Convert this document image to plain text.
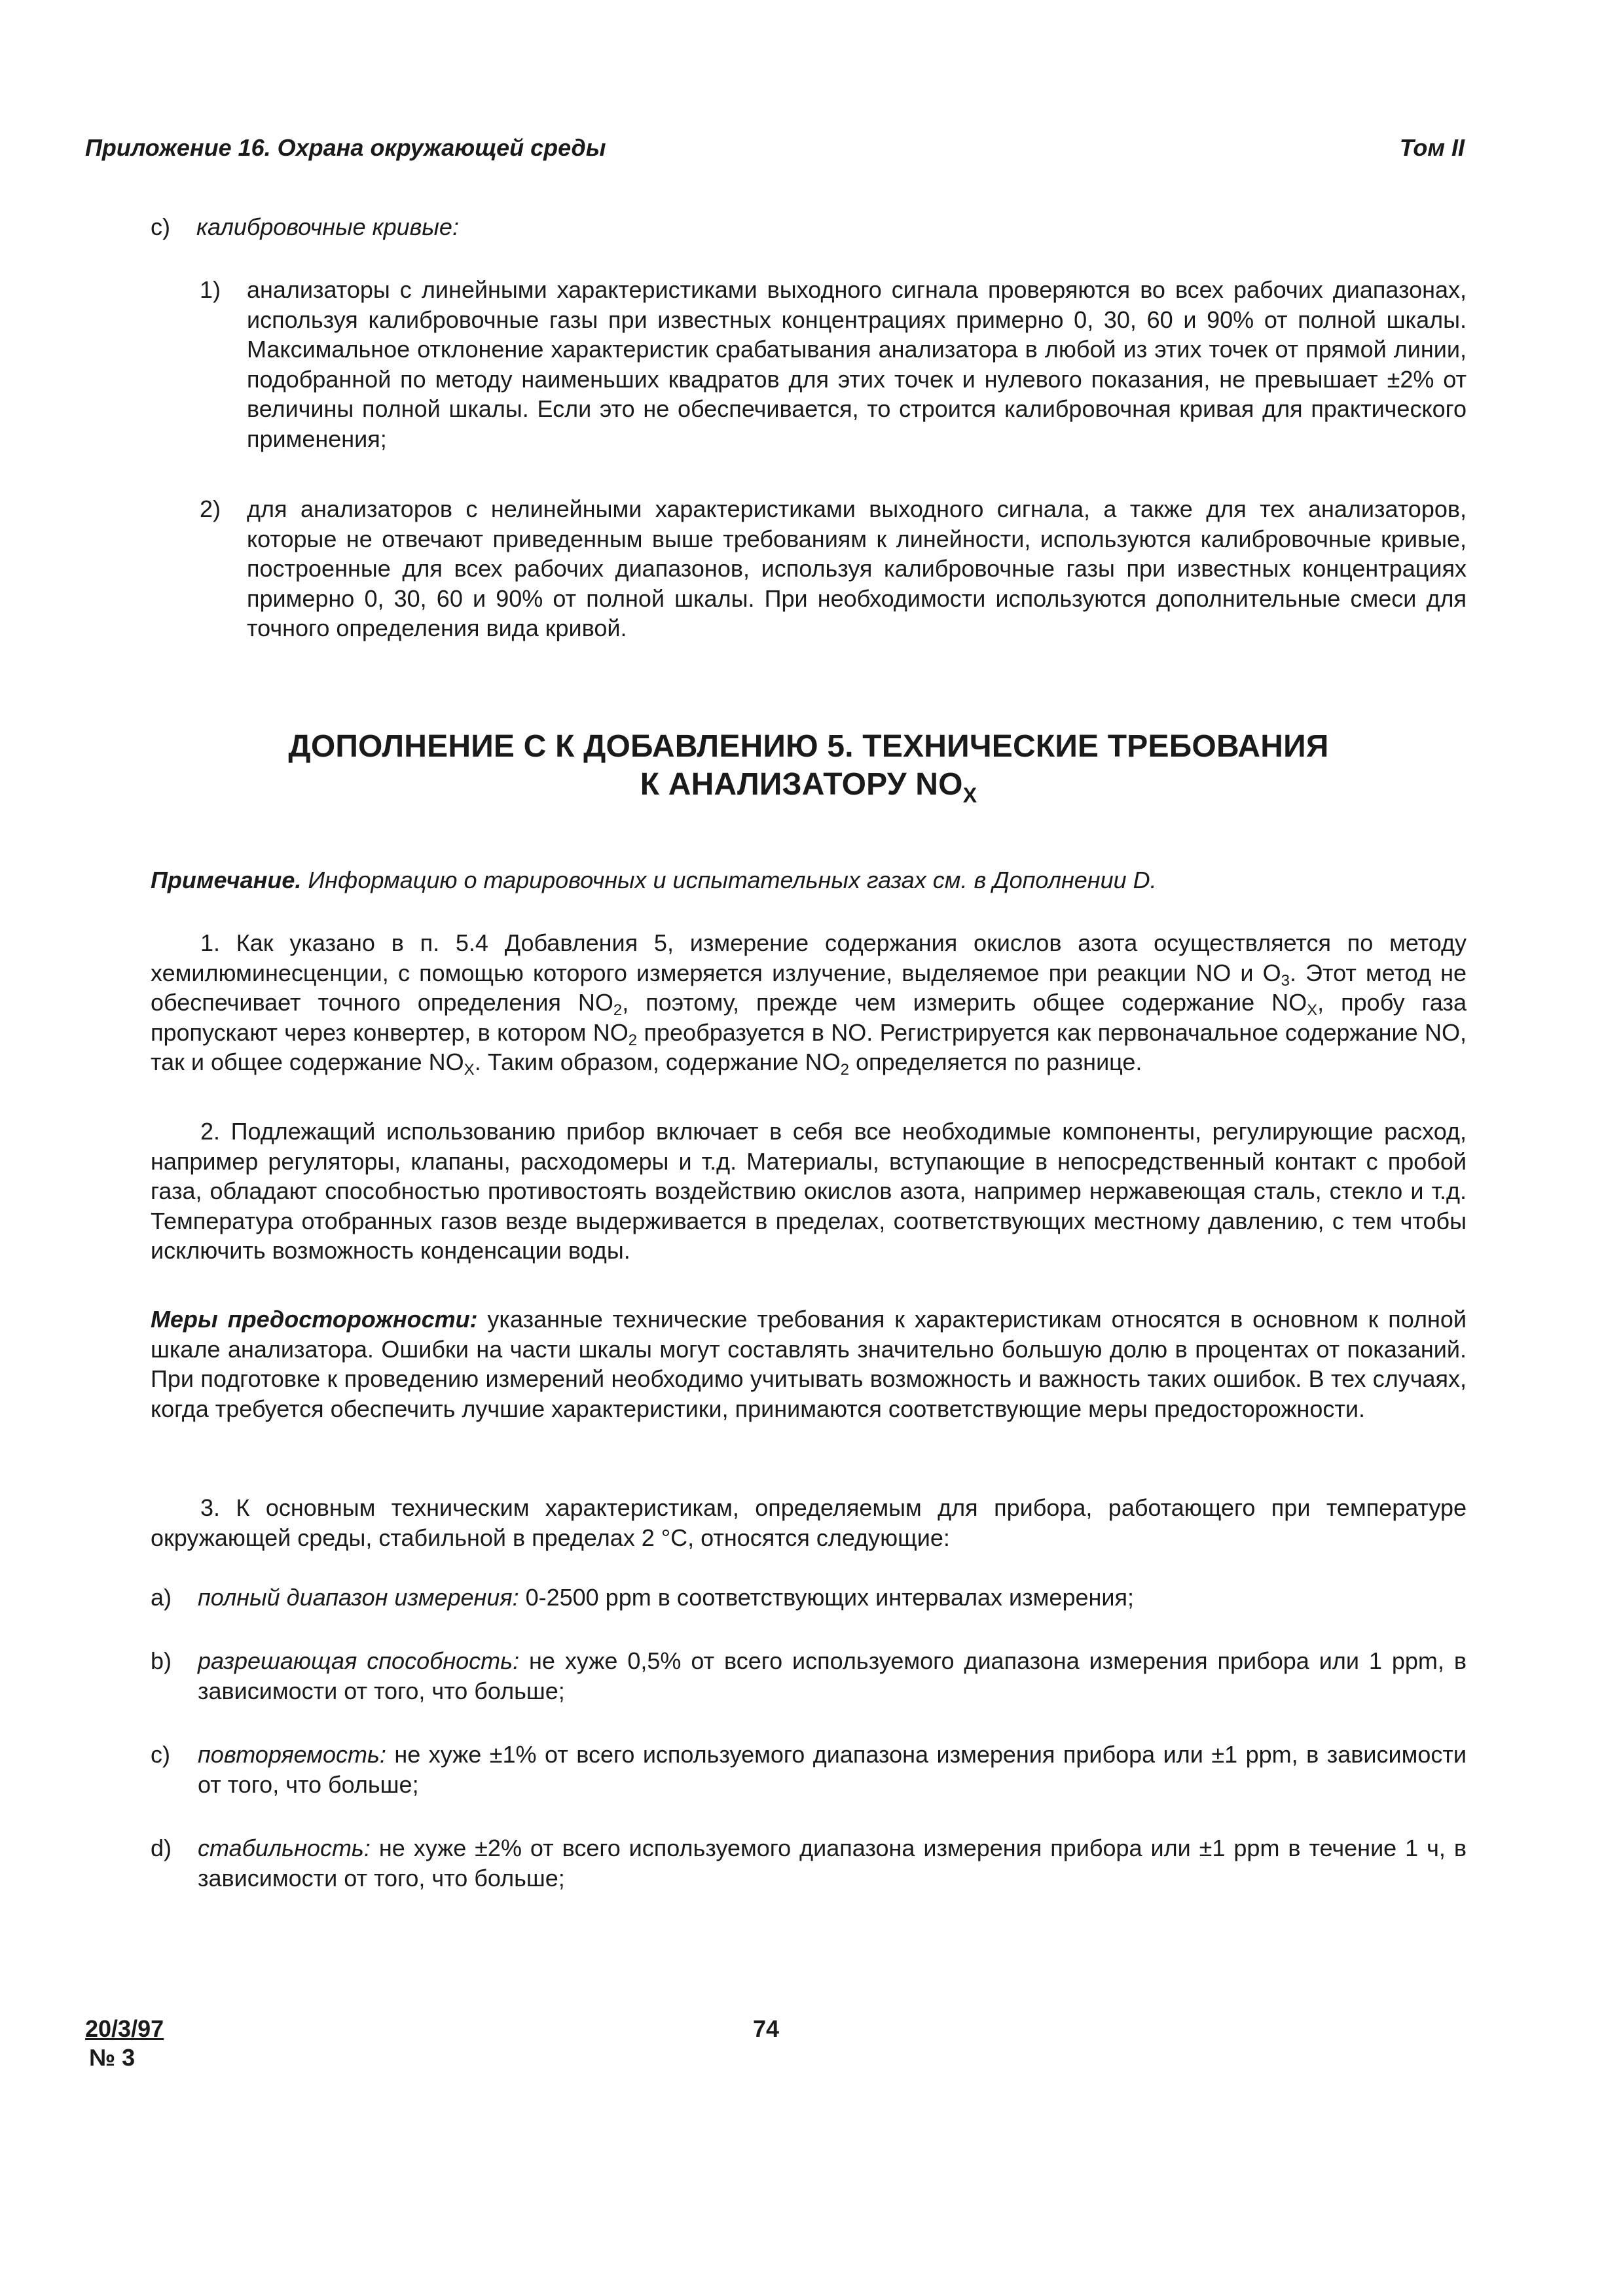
Приложение 16. Охрана окружающей среды	Том II
c) калибровочные кривые:
1) анализаторы с линейными характеристиками выходного сигнала проверяются во всех рабочих диапазонах, используя калибровочные газы при известных концентрациях примерно 0, 30, 60 и 90% от полной шкалы. Максимальное отклонение характеристик срабатывания анализатора в любой из этих точек от прямой линии, подобранной по методу наименьших квадратов для этих точек и нулевого показания, не превышает ±2% от величины полной шкалы. Если это не обеспечивается, то строится калибровочная кривая для практического применения;
2) для анализаторов с нелинейными характеристиками выходного сигнала, а также для тех анализаторов, которые не отвечают приведенным выше требованиям к линейности, используются калибровочные кривые, построенные для всех рабочих диапазонов, используя калибровочные газы при известных концентрациях примерно 0, 30, 60 и 90% от полной шкалы. При необходимости используются дополнительные смеси для точного определения вида кривой.
ДОПОЛНЕНИЕ С К ДОБАВЛЕНИЮ 5. ТЕХНИЧЕСКИЕ ТРЕБОВАНИЯ
К АНАЛИЗАТОРУ $NO_X$

Примечание. Информацию о тарировочных и испытательных газах см. в Дополнении D.

1. Как указано в п. 5.4 Добавления 5, измерение содержания окислов азота осуществляется по методу хемилюминесценции, с помощью которого измеряется излучение, выделяемое при реакции NO и $O_3$. Этот метод не обеспечивает точного определения $NO_2$, поэтому, прежде чем измерить общее содержание $NO_X$, пробу газа пропускают через конвертер, в котором $NO_2$ преобразуется в NO. Регистрируется как первоначальное содержание NO, так и общее содержание $NO_X$. Таким образом, содержание $NO_2$ определяется по разнице.

2. Подлежащий использованию прибор включает в себя все необходимые компоненты, регулирующие расход, например регуляторы, клапаны, расходомеры и т.д. Материалы, вступающие в непосредственный контакт с пробой газа, обладают способностью противостоять воздействию окислов азота, например нержавеющая сталь, стекло и т.д. Температура отобранных газов везде выдерживается в пределах, соответствующих местному давлению, с тем чтобы исключить возможность конденсации воды.

Меры предосторожности: указанные технические требования к характеристикам относятся в основном к полной шкале анализатора. Ошибки на части шкалы могут составлять значительно большую долю в процентах от показаний. При подготовке к проведению измерений необходимо учитывать возможность и важность таких ошибок. В тех случаях, когда требуется обеспечить лучшие характеристики, принимаются соответствующие меры предосторожности.

3. К основным техническим характеристикам, определяемым для прибора, работающего при температуре окружающей среды, стабильной в пределах 2 °С, относятся следующие:

a) полный диапазон измерения: 0-2500 ppm в соответствующих интервалах измерения;
b) разрешающая способность: не хуже 0,5% от всего используемого диапазона измерения прибора или 1 ppm, в зависимости от того, что больше;
c) повторяемость: не хуже ±1% от всего используемого диапазона измерения прибора или ±1 ppm, в зависимости от того, что больше;
d) стабильность: не хуже ±2% от всего используемого диапазона измерения прибора или ±1 ppm в течение 1 ч, в зависимости от того, что больше;
20/3/97
№ 3
74
